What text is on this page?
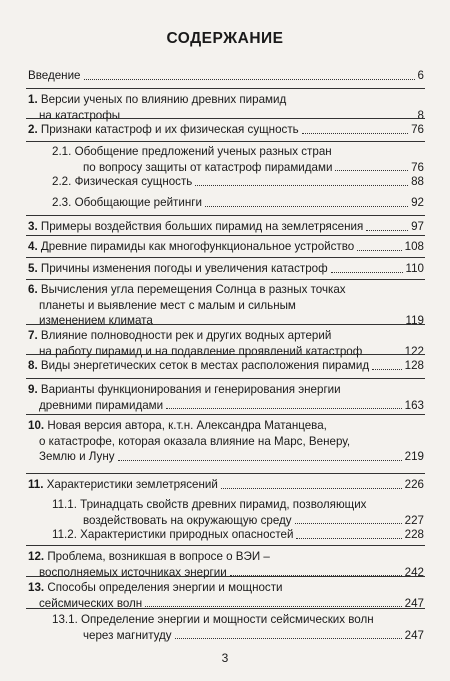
СОДЕРЖАНИЕ
Введение	6
1. Версии ученых по влиянию древних пирамид
на катастрофы	8
2. Признаки катастроф и их физическая сущность	76
2.1. Обобщение предложений ученых разных стран
по вопросу защиты от катастроф пирамидами	76
2.2. Физическая сущность	88
2.3. Обобщающие рейтинги	92
3. Примеры воздействия больших пирамид на землетрясения	97
4. Древние пирамиды как многофункциональное устройство	108
5. Причины изменения погоды и увеличения катастроф	110
6. Вычисления угла перемещения Солнца в разных точках
планеты и выявление мест с малым и сильным
изменением климата	119
7. Влияние полноводности рек и других водных артерий
на работу пирамид и на подавление проявлений катастроф	122
8. Виды энергетических сеток в местах расположения пирамид	128
9. Варианты функционирования и генерирования энергии
древними пирамидами	163
10. Новая версия автора, к.т.н. Александра Матанцева,
о катастрофе, которая оказала влияние на Марс, Венеру,
Землю и Луну	219
11. Характеристики землетрясений	226
11.1. Тринадцать свойств древних пирамид, позволяющих
воздействовать на окружающую среду	227
11.2. Характеристики природных опасностей	228
12. Проблема, возникшая в вопросе о ВЭИ –
восполняемых источниках энергии	242
13. Способы определения энергии и мощности
сейсмических волн	247
13.1. Определение энергии и мощности сейсмических волн
через магнитуду	247
3
